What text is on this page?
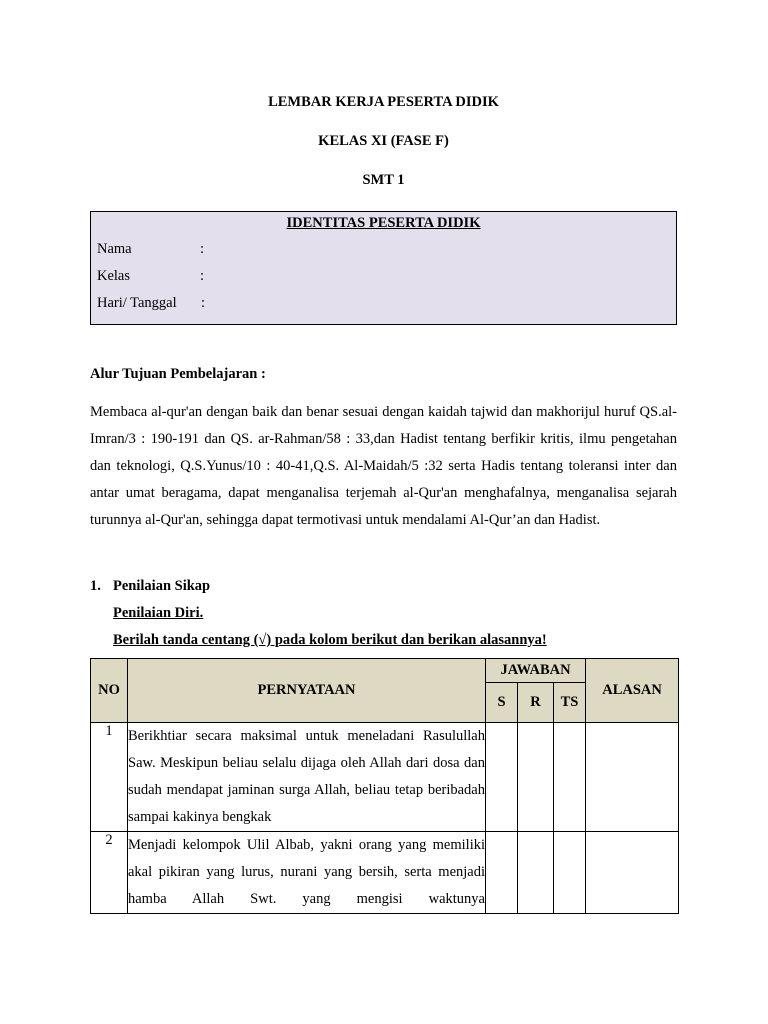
LEMBAR KERJA PESERTA DIDIK

KELAS XI (FASE F)

SMT 1

IDENTITAS PESERTA DIDIK
Nama	:
Kelas	:
Hari/ Tanggal :

Alur Tujuan Pembelajaran :

Membaca al-qur'an dengan baik dan benar sesuai dengan kaidah tajwid dan makhorijul huruf QS.al- Imran/3 : 190-191 dan QS. ar-Rahman/58 : 33,dan Hadist tentang berfikir kritis, ilmu pengetahan dan teknologi, Q.S.Yunus/10 : 40-41,Q.S. Al-Maidah/5 :32 serta Hadis tentang toleransi inter dan antar umat beragama, dapat menganalisa terjemah al-Qur'an menghafalnya, menganalisa sejarah turunnya al-Qur'an, sehingga dapat termotivasi untuk mendalami Al-Qur’an dan Hadist.

1. Penilaian Sikap
Penilaian Diri.
Berilah tanda centang (√) pada kolom berikut dan berikan alasannya!
NO	PERNYATAAN	JAWABAN			ALASAN
		S	R	TS	
1	Berikhtiar secara maksimal untuk meneladani Rasulullah Saw. Meskipun beliau selalu dijaga oleh Allah dari dosa dan sudah mendapat jaminan surga Allah, beliau tetap beribadah sampai kakinya bengkak				
2	Menjadi kelompok Ulil Albab, yakni orang yang memiliki akal pikiran yang lurus, nurani yang bersih, serta menjadi hamba Allah Swt. yang mengisi waktunya				
